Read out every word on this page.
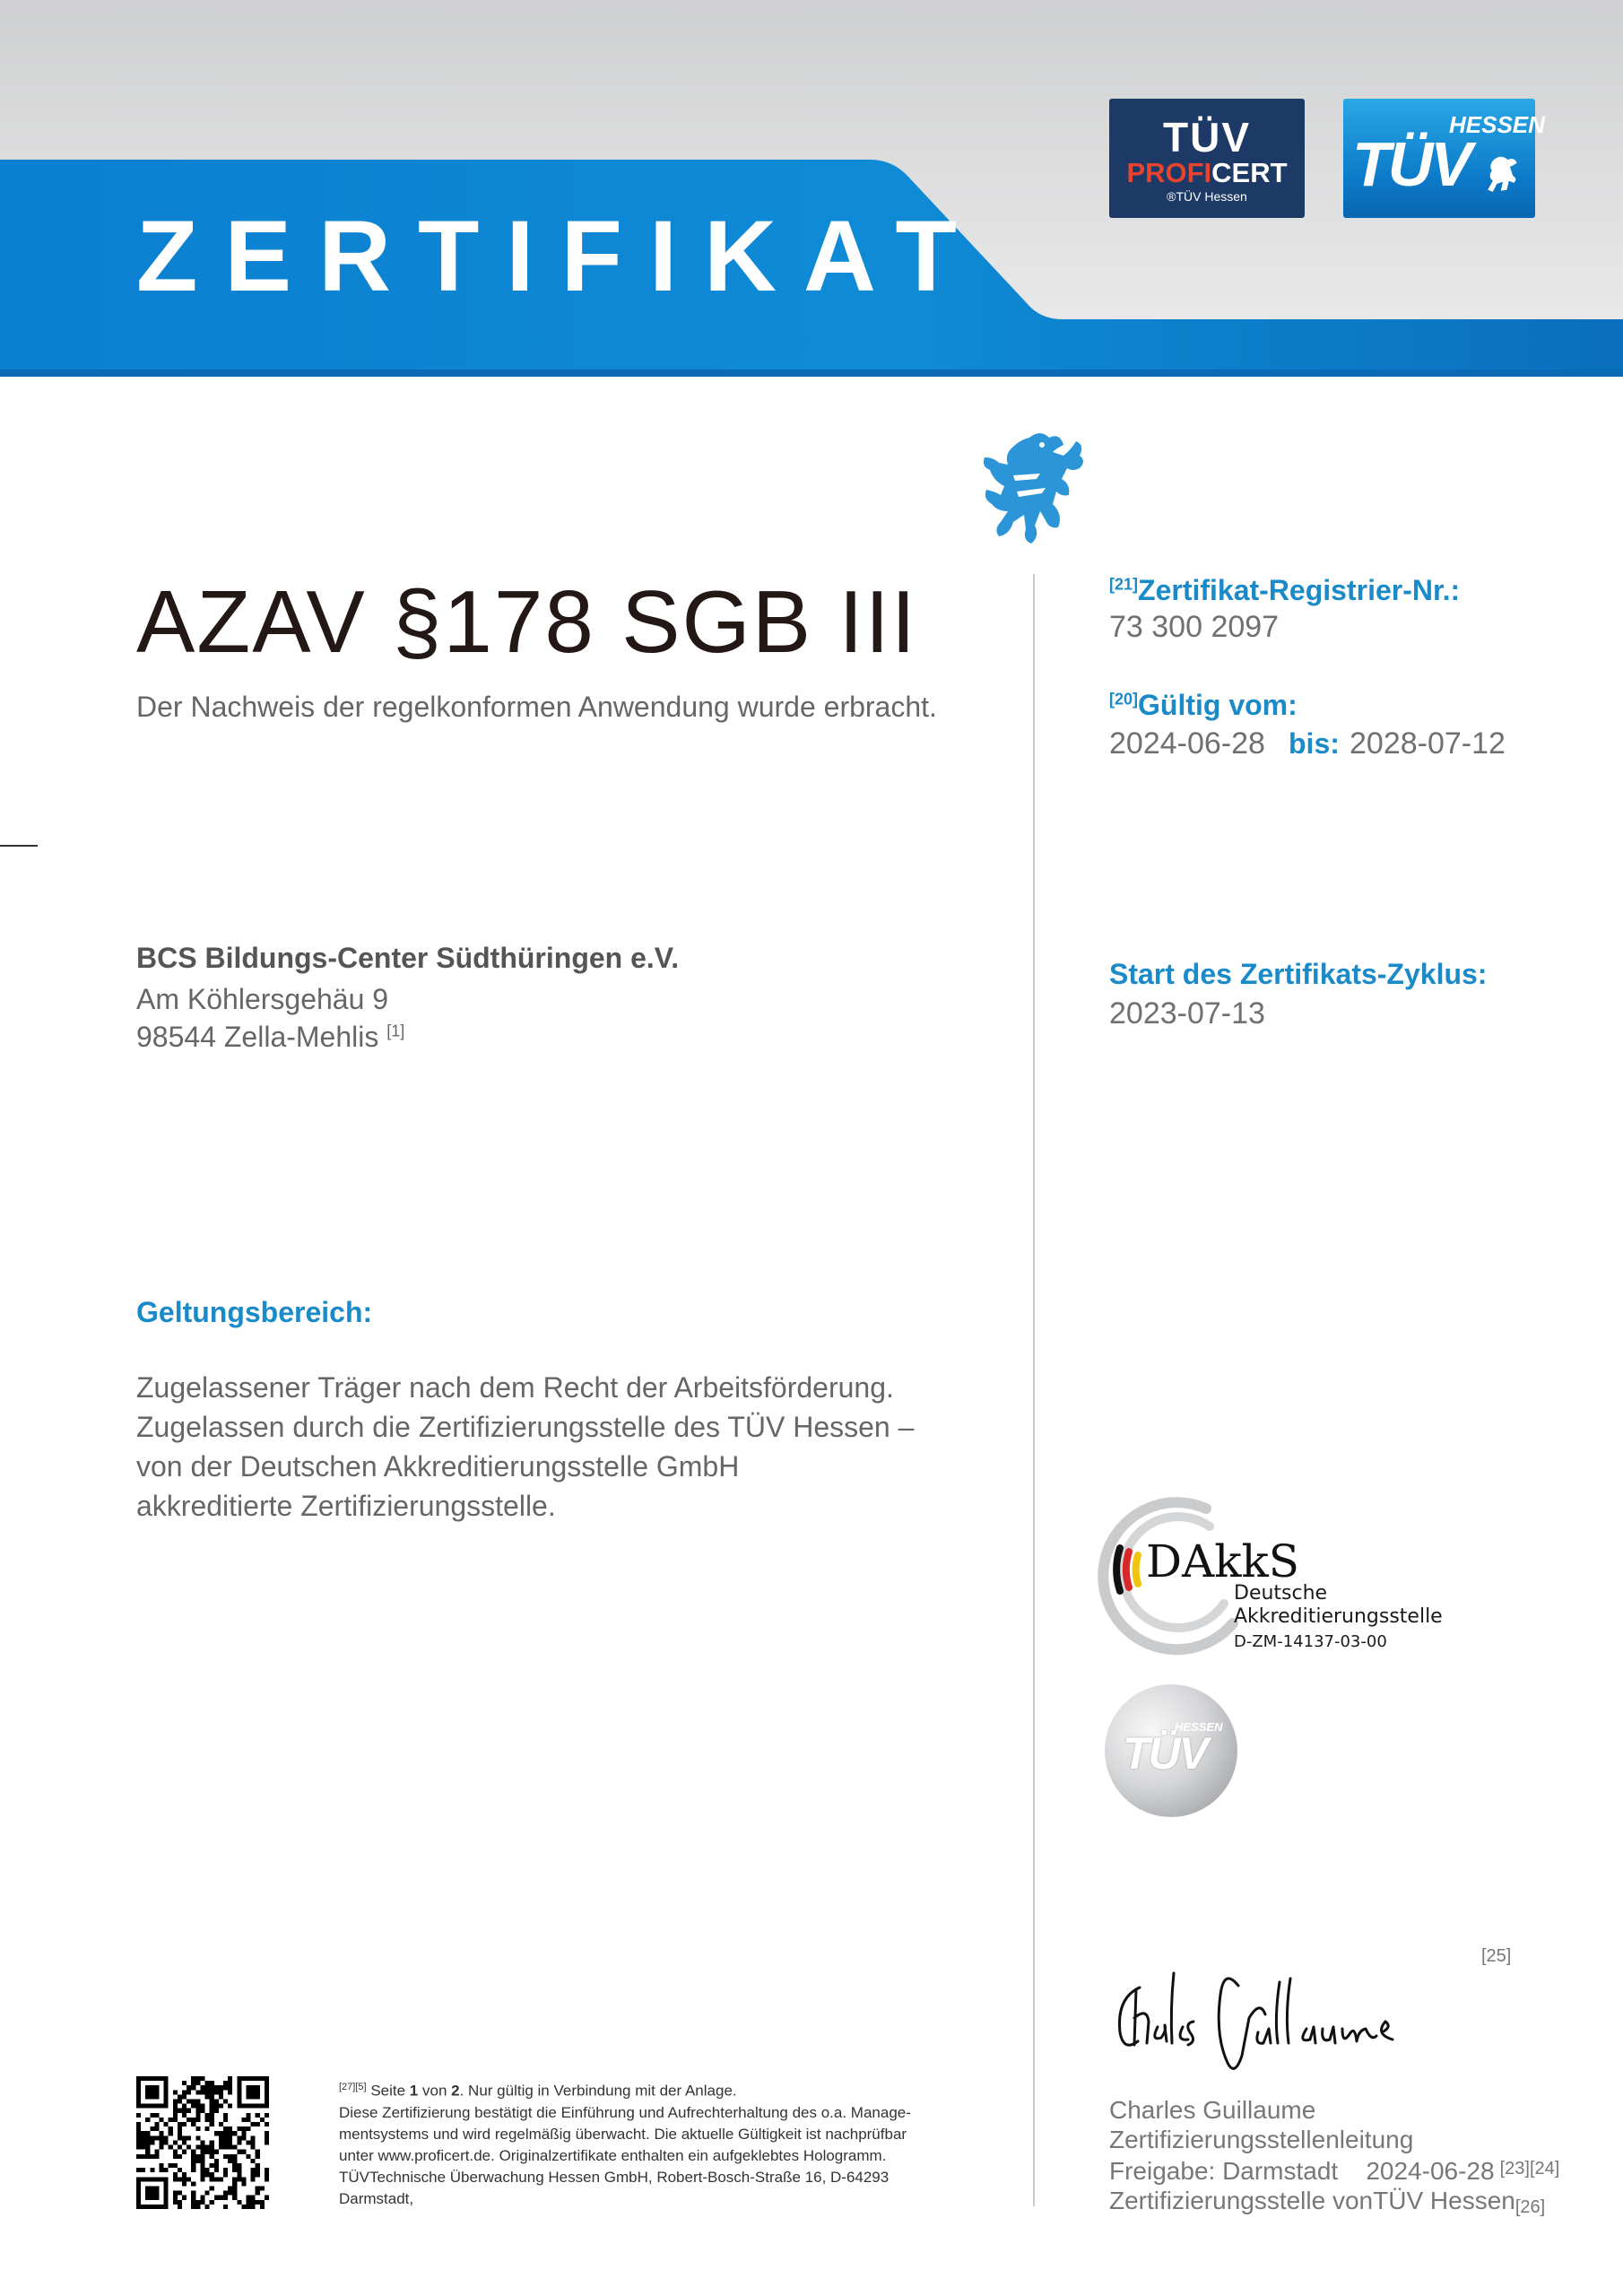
ZERTIFIKAT
TÜV
PROFICERT
®TÜV Hessen
HESSEN
TÜV
AZAV §178 SGB III
Der Nachweis der regelkonformen Anwendung wurde erbracht.
[21]Zertifikat-Registrier-Nr.:
73 300 2097
[20]Gültig vom:
2024-06-28 bis: 2028-07-12
Start des Zertifikats-Zyklus:
2023-07-13
BCS Bildungs-Center Südthüringen e.V.
Am Köhlersgehäu 9
98544 Zella-Mehlis [1]
Geltungsbereich:
Zugelassener Träger nach dem Recht der Arbeitsförderung.
Zugelassen durch die Zertifizierungsstelle des TÜV Hessen –
von der Deutschen Akkreditierungsstelle GmbH
akkreditierte Zertifizierungsstelle.
DAkkS
Deutsche
Akkreditierungsstelle
D-ZM-14137-03-00
TÜV
HESSEN
[27][5] Seite 1 von 2. Nur gültig in Verbindung mit der Anlage.
Diese Zertifizierung bestätigt die Einführung und Aufrechterhaltung des o.a. Manage-
mentsystems und wird regelmäßig überwacht. Die aktuelle Gültigkeit ist nachprüfbar
unter www.proficert.de. Originalzertifikate enthalten ein aufgeklebtes Hologramm.
TÜVTechnische Überwachung Hessen GmbH, Robert-Bosch-Straße 16, D-64293
Darmstadt,
[25]
Charles Guillaume
Zertifizierungsstellenleitung
Freigabe: Darmstadt 2024-06-28 [23][24]
Zertifizierungsstelle vonTÜV Hessen[26]
